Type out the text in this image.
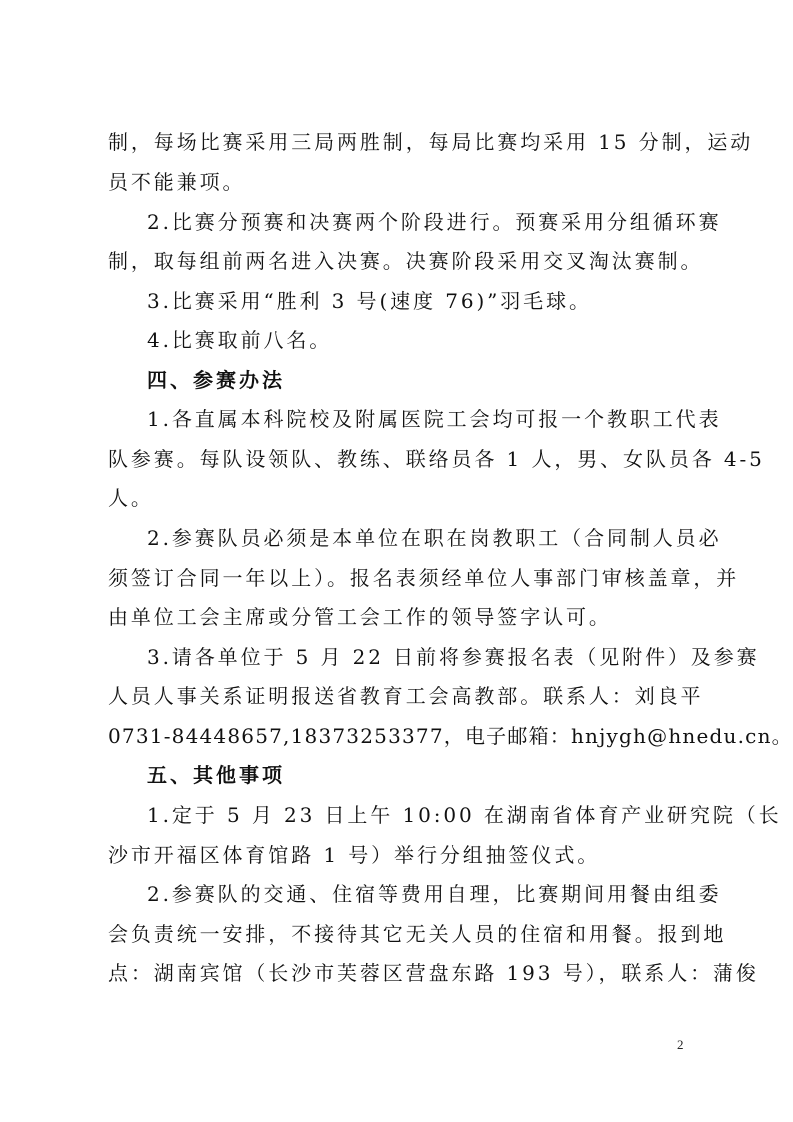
制，每场比赛采用三局两胜制，每局比赛均采用 15 分制，运动
员不能兼项。
2.比赛分预赛和决赛两个阶段进行。预赛采用分组循环赛
制，取每组前两名进入决赛。决赛阶段采用交叉淘汰赛制。
3.比赛采用“胜利 3 号(速度 76)”羽毛球。
4.比赛取前八名。
四、参赛办法
1.各直属本科院校及附属医院工会均可报一个教职工代表
队参赛。每队设领队、教练、联络员各 1 人，男、女队员各 4-5
人。
2.参赛队员必须是本单位在职在岗教职工（合同制人员必
须签订合同一年以上）。报名表须经单位人事部门审核盖章，并
由单位工会主席或分管工会工作的领导签字认可。
3.请各单位于 5 月 22 日前将参赛报名表（见附件）及参赛
人员人事关系证明报送省教育工会高教部。联系人：刘良平
0731-84448657,18373253377，电子邮箱：hnjygh@hnedu.cn。
五、其他事项
1.定于 5 月 23 日上午 10:00 在湖南省体育产业研究院（长
沙市开福区体育馆路 1 号）举行分组抽签仪式。
2.参赛队的交通、住宿等费用自理，比赛期间用餐由组委
会负责统一安排，不接待其它无关人员的住宿和用餐。报到地
点：湖南宾馆（长沙市芙蓉区营盘东路 193 号），联系人：蒲俊
2
